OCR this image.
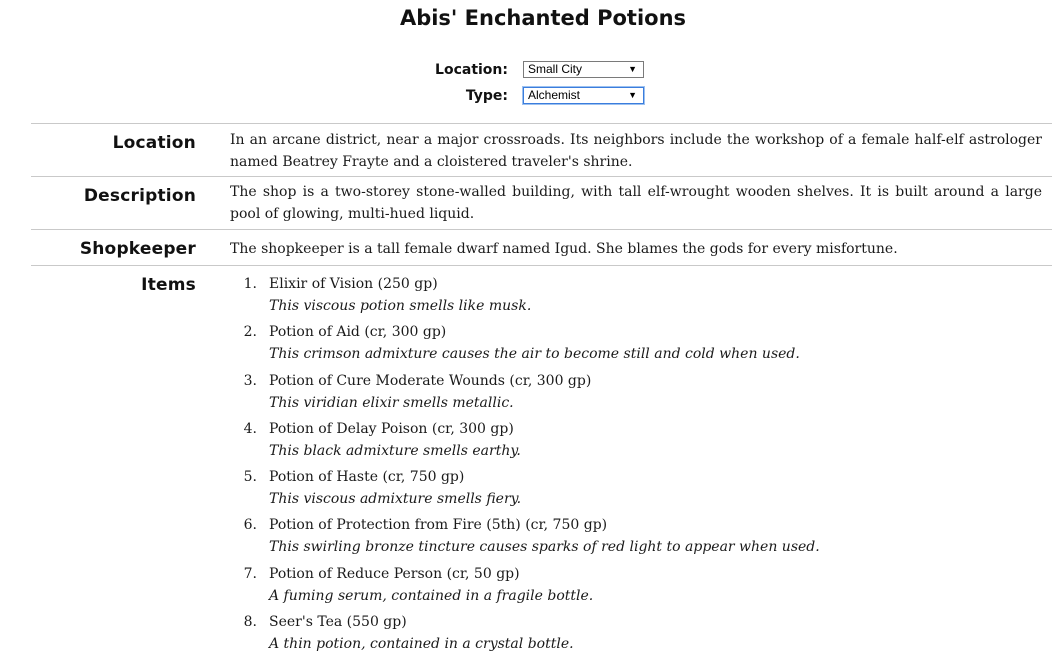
Abis' Enchanted Potions
Location:	Small City	▼
Type:	Alchemist	▼
Location In an arcane district, near a major crossroads. Its neighbors include the workshop of a female half-elf astrologer named Beatrey Frayte and a cloistered traveler's shrine.
Description The shop is a two-storey stone-walled building, with tall elf-wrought wooden shelves. It is built around a large pool of glowing, multi-hued liquid.
Shopkeeper The shopkeeper is a tall female dwarf named Igud. She blames the gods for every misfortune.
Items	1. Elixir of Vision (250 gp)
This viscous potion smells like musk.
2. Potion of Aid (cr, 300 gp)
This crimson admixture causes the air to become still and cold when used.
3. Potion of Cure Moderate Wounds (cr, 300 gp)
This viridian elixir smells metallic.
4. Potion of Delay Poison (cr, 300 gp)
This black admixture smells earthy.
5. Potion of Haste (cr, 750 gp)
This viscous admixture smells fiery.
6. Potion of Protection from Fire (5th) (cr, 750 gp)
This swirling bronze tincture causes sparks of red light to appear when used.
7. Potion of Reduce Person (cr, 50 gp)
A fuming serum, contained in a fragile bottle.
8. Seer's Tea (550 gp)
A thin potion, contained in a crystal bottle.
